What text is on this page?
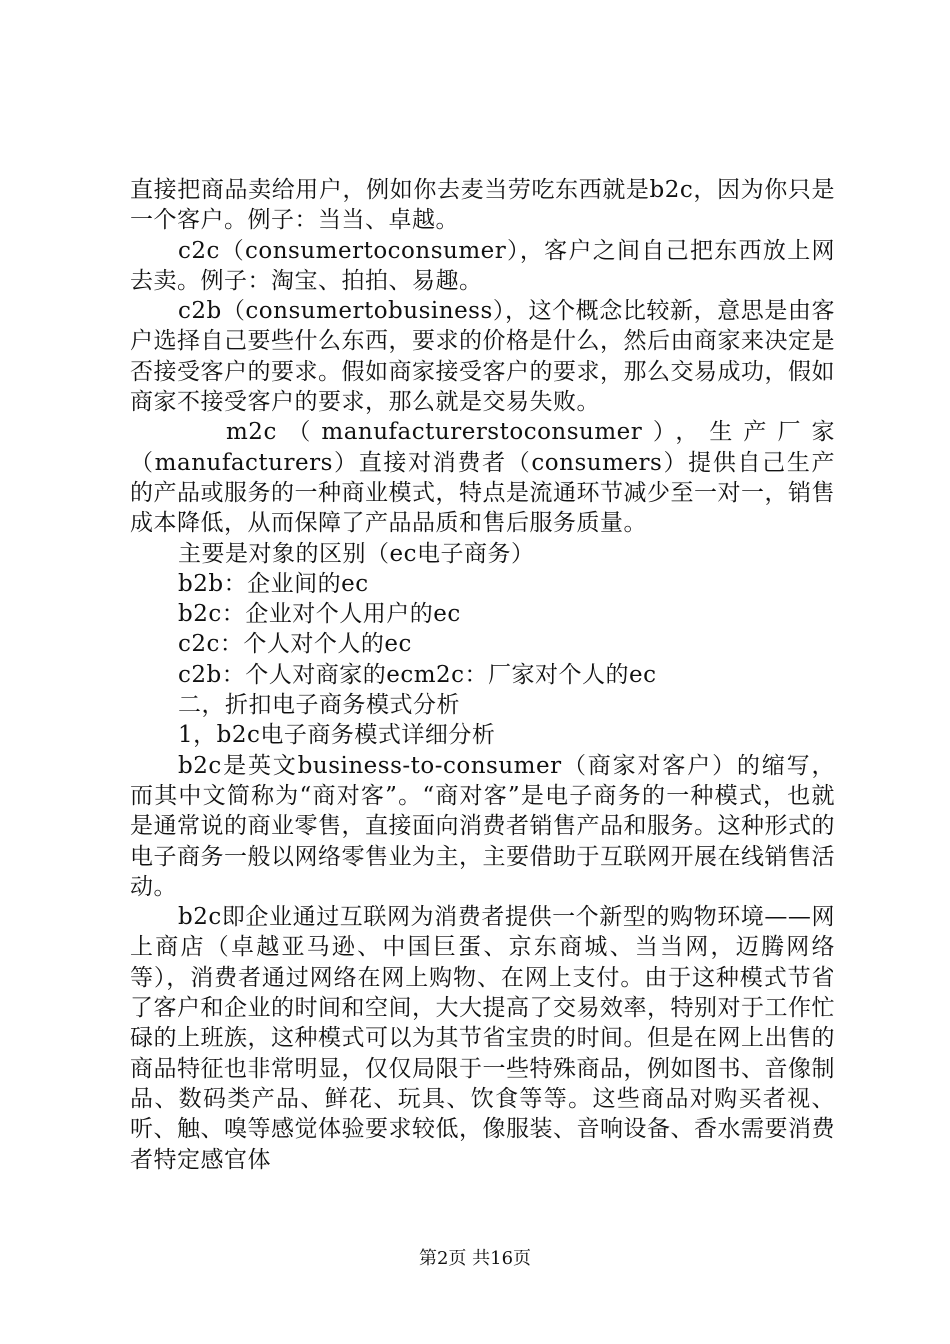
直接把商品卖给用户，例如你去麦当劳吃东西就是b2c，因为你只是一个客户。例子：当当、卓越。

c2c（consumertoconsumer），客户之间自己把东西放上网去卖。例子：淘宝、拍拍、易趣。

c2b（consumertobusiness），这个概念比较新，意思是由客户选择自己要些什么东西，要求的价格是什么，然后由商家来决定是否接受客户的要求。假如商家接受客户的要求，那么交易成功，假如商家不接受客户的要求，那么就是交易失败。

m2c（manufacturerstoconsumer），生产厂家（manufacturers）直接对消费者（consumers）提供自己生产的产品或服务的一种商业模式，特点是流通环节减少至一对一，销售成本降低，从而保障了产品品质和售后服务质量。

主要是对象的区别（ec电子商务）

b2b：企业间的ec

b2c：企业对个人用户的ec

c2c：个人对个人的ec

c2b：个人对商家的ecm2c：厂家对个人的ec

二，折扣电子商务模式分析

1，b2c电子商务模式详细分析

b2c是英文business-to-consumer（商家对客户）的缩写，而其中文简称为“商对客”。“商对客”是电子商务的一种模式，也就是通常说的商业零售，直接面向消费者销售产品和服务。这种形式的电子商务一般以网络零售业为主，主要借助于互联网开展在线销售活动。

b2c即企业通过互联网为消费者提供一个新型的购物环境——网上商店（卓越亚马逊、中国巨蛋、京东商城、当当网，迈腾网络等），消费者通过网络在网上购物、在网上支付。由于这种模式节省了客户和企业的时间和空间，大大提高了交易效率，特别对于工作忙碌的上班族，这种模式可以为其节省宝贵的时间。但是在网上出售的商品特征也非常明显，仅仅局限于一些特殊商品，例如图书、音像制品、数码类产品、鲜花、玩具、饮食等等。这些商品对购买者视、听、触、嗅等感觉体验要求较低，像服装、音响设备、香水需要消费者特定感官体

第2页 共16页
